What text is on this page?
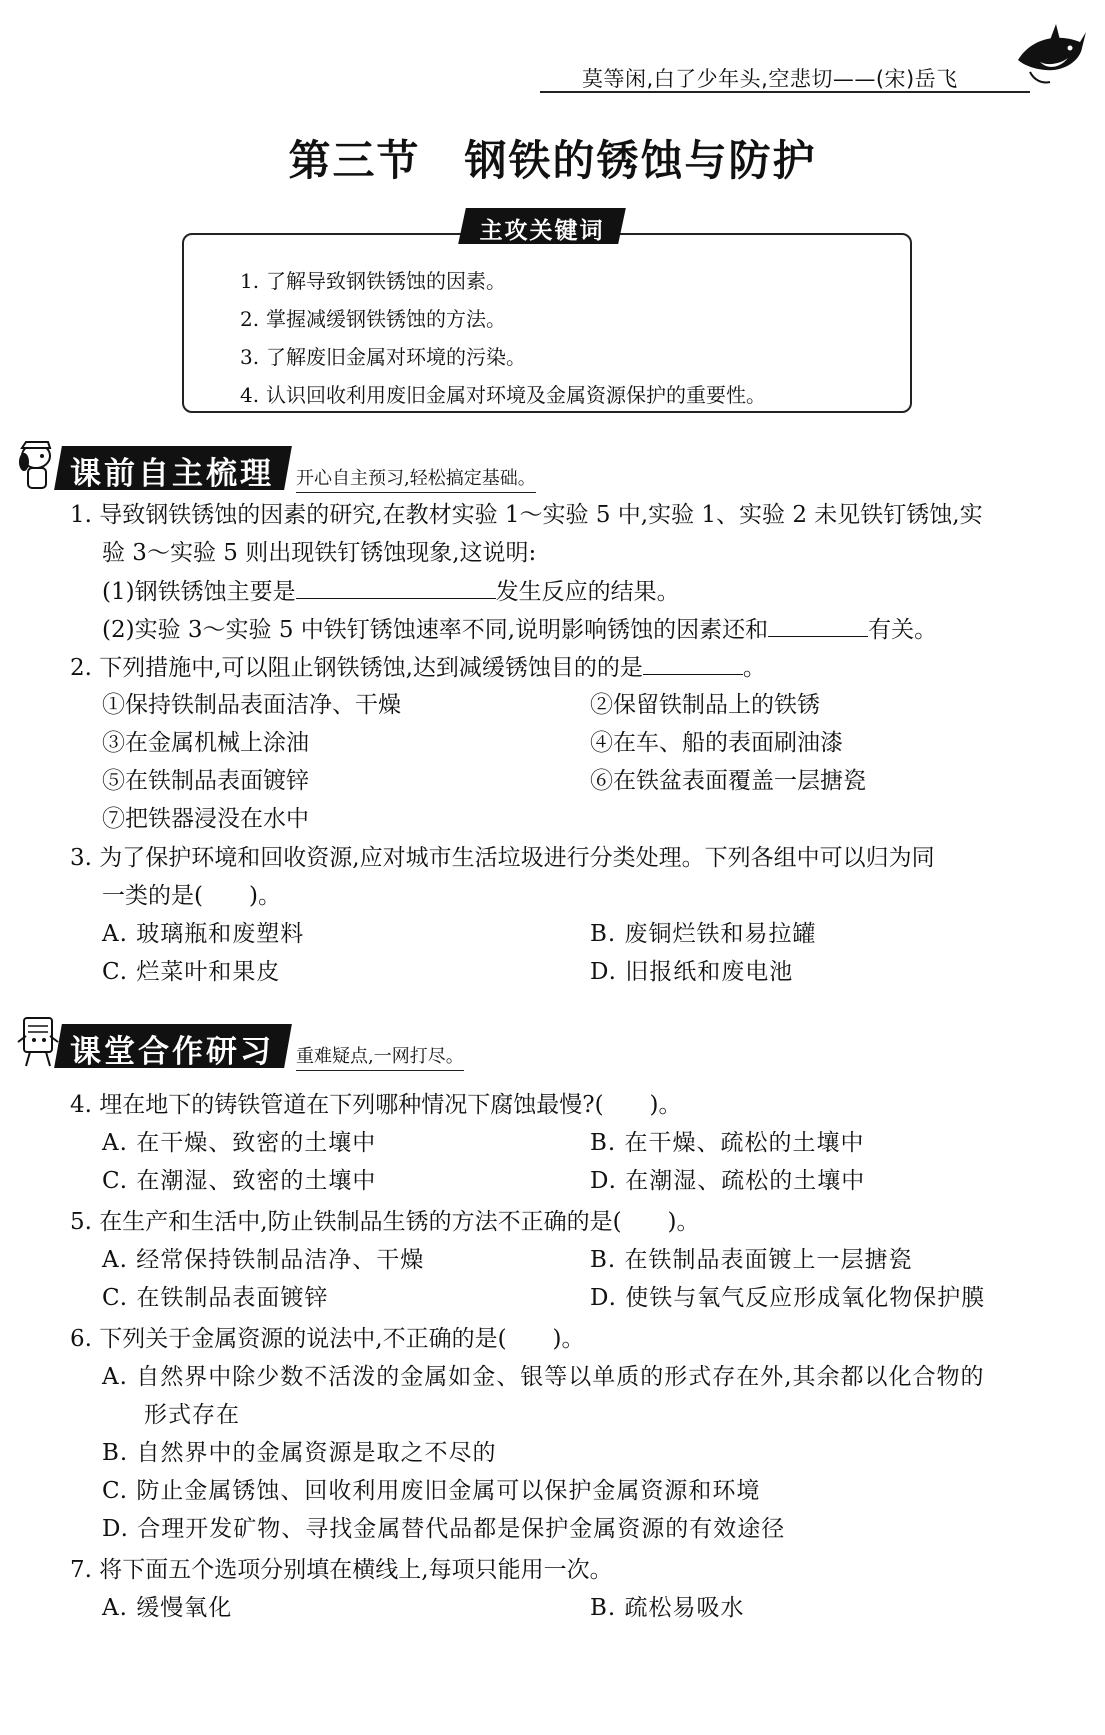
莫等闲,白了少年头,空悲切——(宋)岳飞
第三节　钢铁的锈蚀与防护
主攻关键词
1. 了解导致钢铁锈蚀的因素。
2. 掌握减缓钢铁锈蚀的方法。
3. 了解废旧金属对环境的污染。
4. 认识回收利用废旧金属对环境及金属资源保护的重要性。
课前自主梳理 开心自主预习,轻松搞定基础。
1. 导致钢铁锈蚀的因素的研究,在教材实验 1～实验 5 中,实验 1、实验 2 未见铁钉锈蚀,实
验 3～实验 5 则出现铁钉锈蚀现象,这说明:
(1)钢铁锈蚀主要是	发生反应的结果。
(2)实验 3～实验 5 中铁钉锈蚀速率不同,说明影响锈蚀的因素还和	有关。
2. 下列措施中,可以阻止钢铁锈蚀,达到减缓锈蚀目的的是	。
①保持铁制品表面洁净、干燥	②保留铁制品上的铁锈
③在金属机械上涂油	④在车、船的表面刷油漆
⑤在铁制品表面镀锌	⑥在铁盆表面覆盖一层搪瓷
⑦把铁器浸没在水中
3. 为了保护环境和回收资源,应对城市生活垃圾进行分类处理。下列各组中可以归为同
一类的是(　　)。
A. 玻璃瓶和废塑料	B. 废铜烂铁和易拉罐
C. 烂菜叶和果皮	D. 旧报纸和废电池
课堂合作研习 重难疑点,一网打尽。
4. 埋在地下的铸铁管道在下列哪种情况下腐蚀最慢?(　　)。
A. 在干燥、致密的土壤中	B. 在干燥、疏松的土壤中
C. 在潮湿、致密的土壤中	D. 在潮湿、疏松的土壤中
5. 在生产和生活中,防止铁制品生锈的方法不正确的是(　　)。
A. 经常保持铁制品洁净、干燥	B. 在铁制品表面镀上一层搪瓷
C. 在铁制品表面镀锌	D. 使铁与氧气反应形成氧化物保护膜
6. 下列关于金属资源的说法中,不正确的是(　　)。
A. 自然界中除少数不活泼的金属如金、银等以单质的形式存在外,其余都以化合物的
形式存在
B. 自然界中的金属资源是取之不尽的
C. 防止金属锈蚀、回收利用废旧金属可以保护金属资源和环境
D. 合理开发矿物、寻找金属替代品都是保护金属资源的有效途径
7. 将下面五个选项分别填在横线上,每项只能用一次。
A. 缓慢氧化	B. 疏松易吸水
